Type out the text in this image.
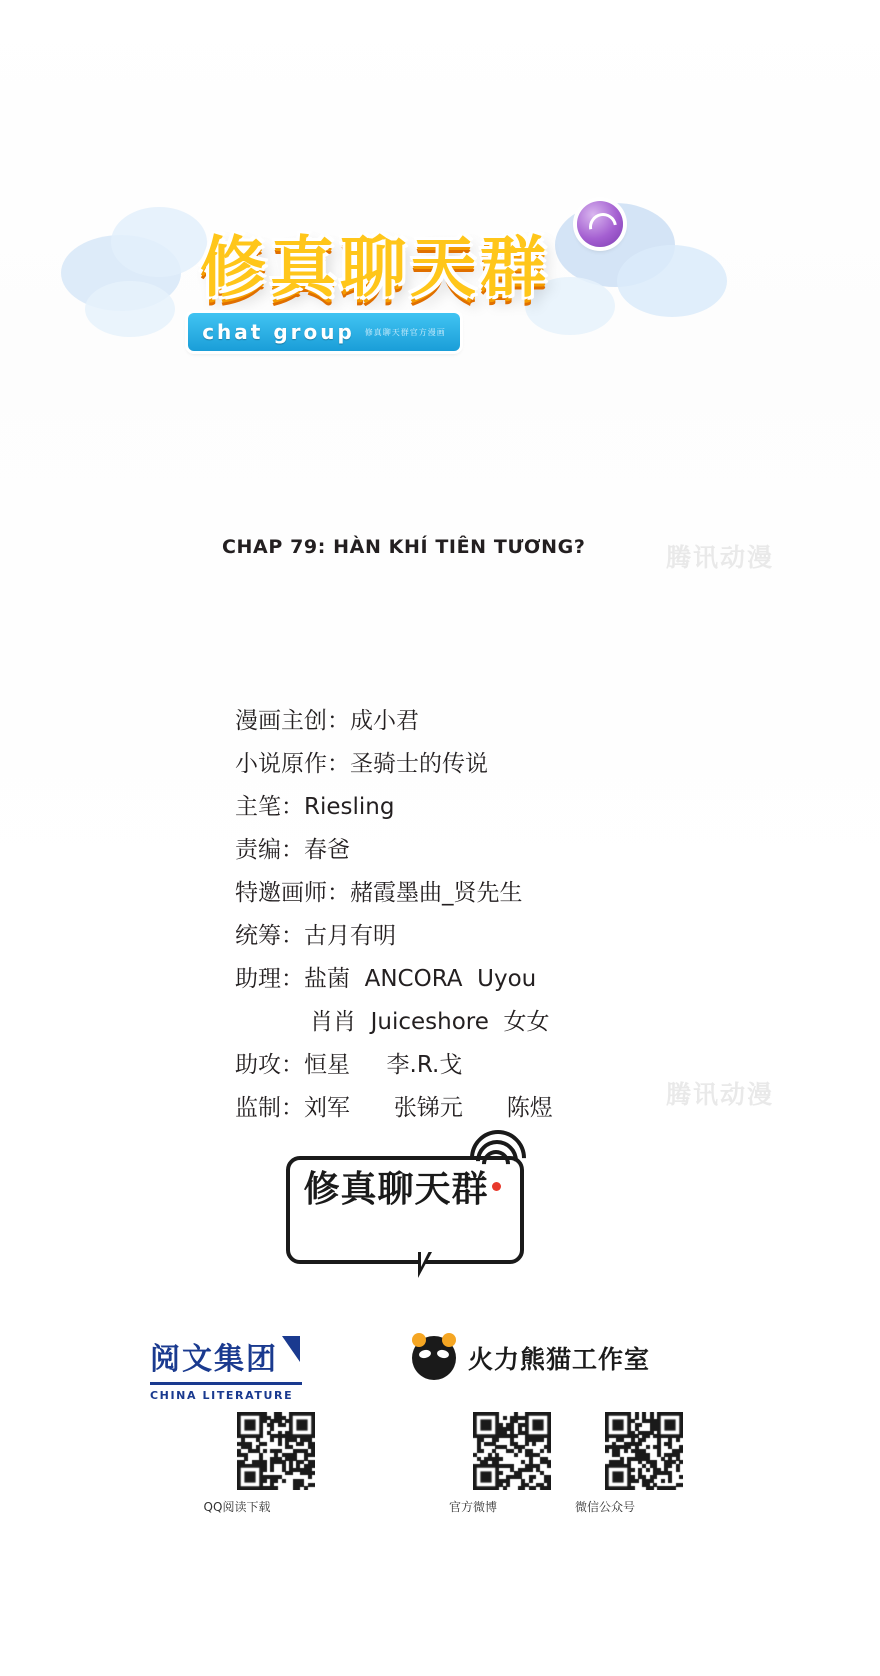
修真聊天群
chat group 修真聊天群官方漫画
CHAP 79: HÀN KHÍ TIÊN TƯƠNG?	腾讯动漫
腾讯动漫
漫画主创：成小君
小说原作：圣骑士的传说
主笔：Riesling
责编：春爸
特邀画师：赭霞墨曲_贤先生
统筹：古月有明
助理：盐菌  ANCORA  Uyou
肖肖  Juiceshore  女女
助攻：恒星     李.R.戈
监制：刘军      张锑元      陈煜
修真聊天群
阅文集团
CHINA LITERATURE
火力熊猫工作室
QQ阅读下载	官方微博	微信公众号
